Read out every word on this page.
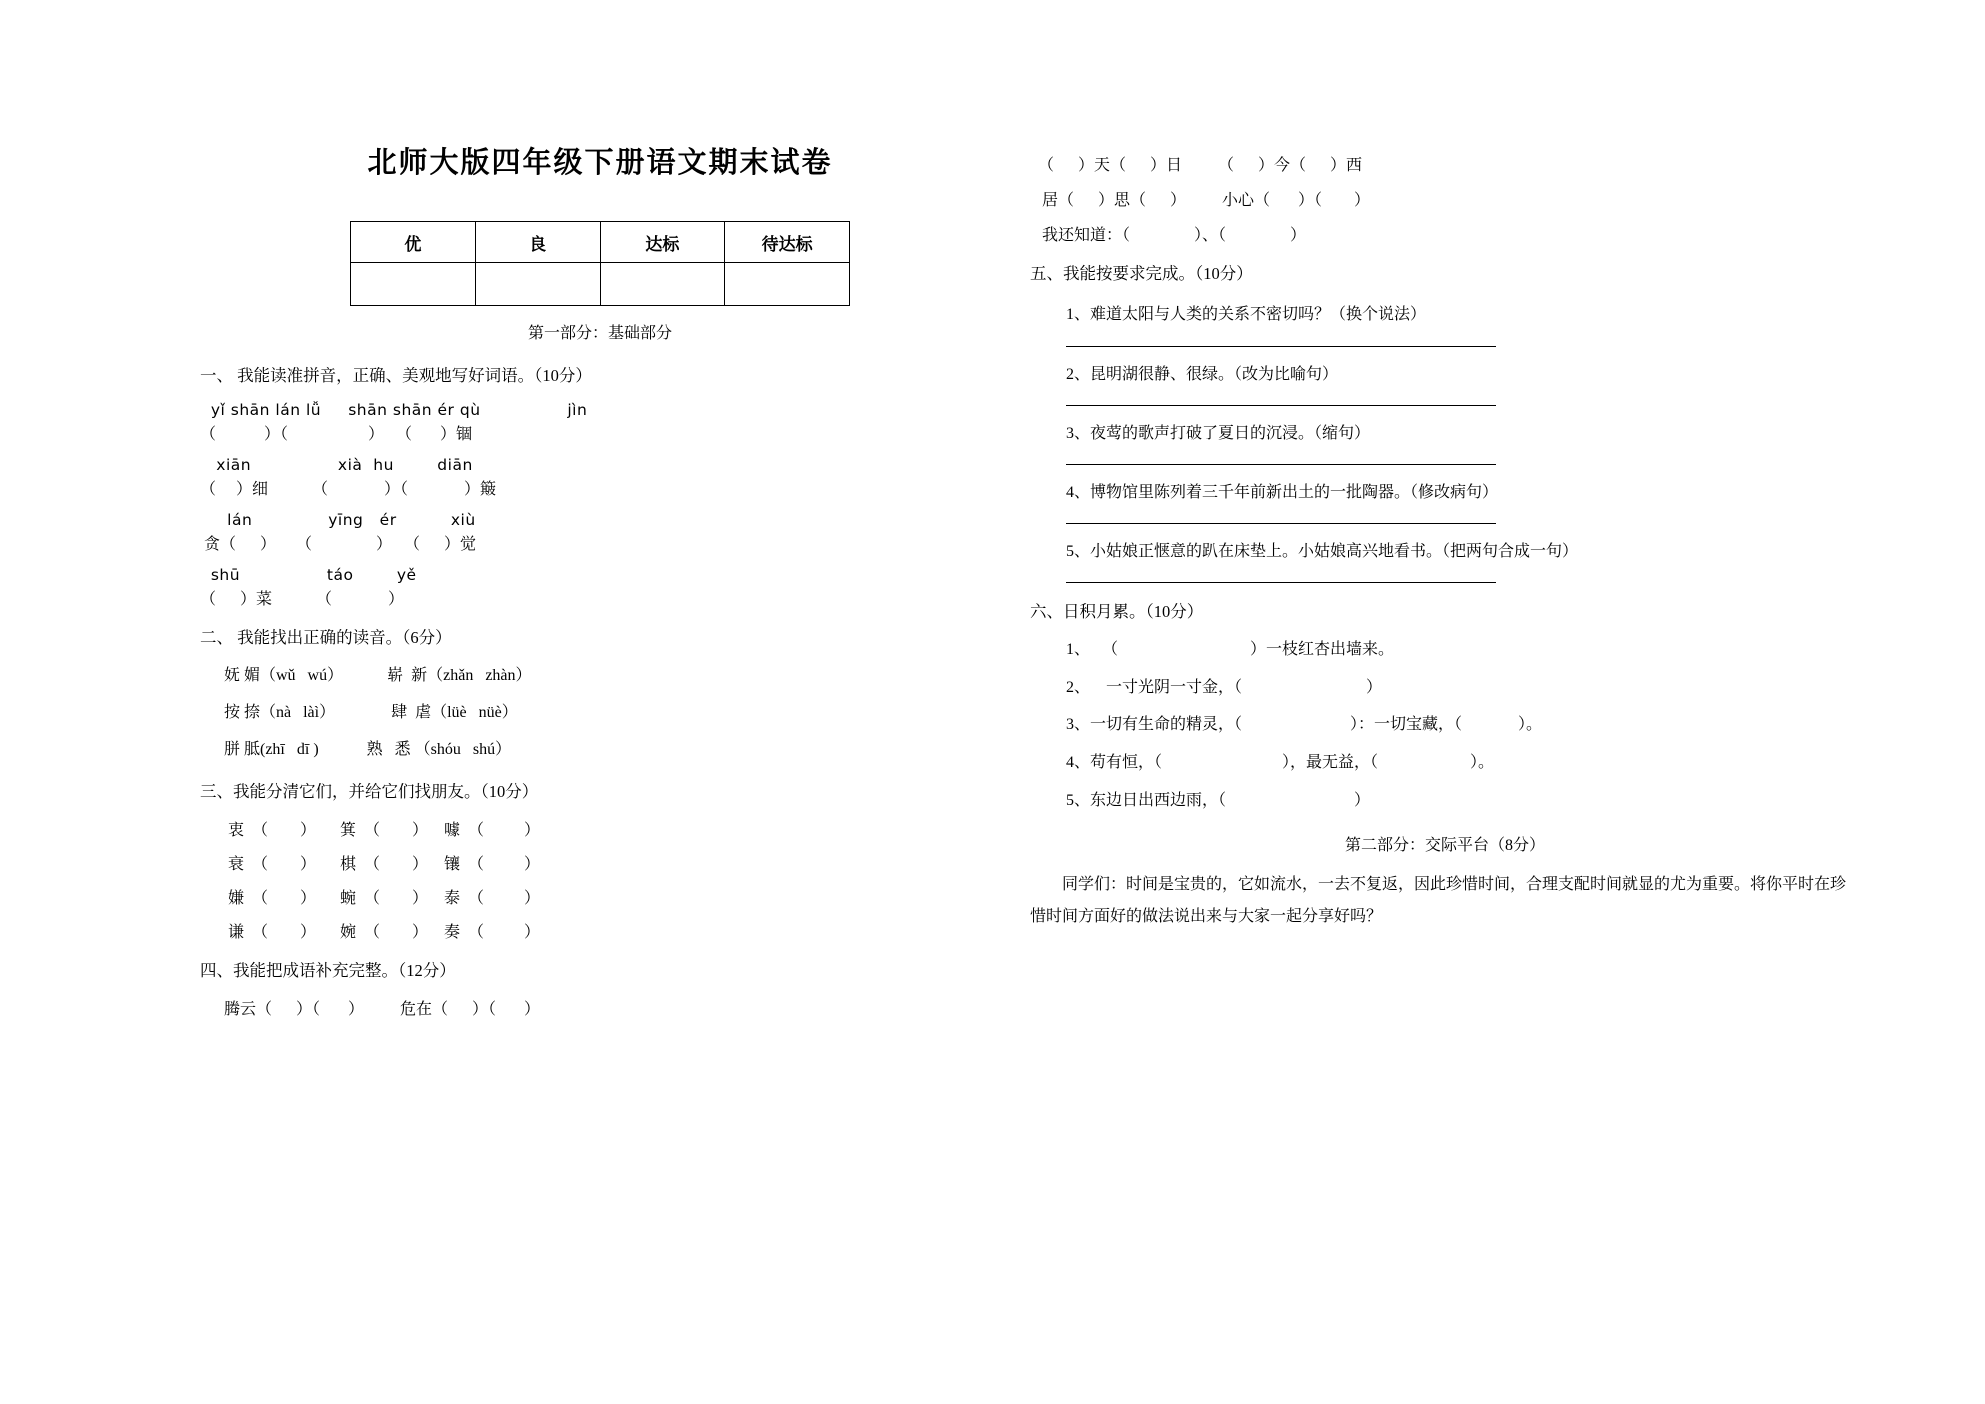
北师大版四年级下册语文期末试卷
优	良	达标	待达标

第一部分：基础部分
一、 我能读准拼音，正确、美观地写好词语。（10分）
yǐ shān lán lǚ     shān shān ér qù                jìn
（            ）（                    ）   （       ）锢
xiān                xià  hu        diān
（     ）细           （              ）（              ）簸
lán              yīng   ér          xiù
贪（      ）     （                ）   （      ）觉
shū                táo        yě
（      ）菜           （              ）
二、 我能找出正确的读音。（6分）
妩 媚（wǔ   wú）           崭  新（zhǎn   zhàn）
按 捺（nà   làì）              肆  虐（lüè   nüè）
胼 胝(zhī   dī )            熟   悉 （shóu   shú）
三、我能分清它们，并给它们找朋友。（10分）
衷  （        ）      箕  （        ）    噱  （          ）
衰  （        ）      棋  （        ）    镶  （          ）
嫌  （        ）      蜿  （        ）    泰  （          ）
谦  （        ）      婉  （        ）    奏  （          ）
四、我能把成语补充完整。（12分）
腾云（      ）（       ）         危在（      ）（       ）
（      ）天（      ）日         （      ）今（      ）西
居（      ）思（      ）         小心（       ）（        ）
我还知道：（                ）、（                ）
五、我能按要求完成。（10分）
1、难道太阳与人类的关系不密切吗？（换个说法）
2、昆明湖很静、很绿。（改为比喻句）
3、夜莺的歌声打破了夏日的沉浸。（缩句）
4、博物馆里陈列着三千年前新出土的一批陶器。（修改病句）
5、小姑娘正惬意的趴在床垫上。小姑娘高兴地看书。（把两句合成一句）
六、日积月累。（10分）
1、   （                                 ）一枝红杏出墙来。
2、    一寸光阴一寸金，（                               ）
3、一切有生命的精灵，（                           ）：一切宝藏，（              ）。
4、苟有恒，（                              ），最无益，（                       ）。
5、东边日出西边雨，（                                ）
第二部分：交际平台（8分）
同学们：时间是宝贵的，它如流水，一去不复返，因此珍惜时间，合理支配时间就显的尤为重要。将你平时在珍惜时间方面好的做法说出来与大家一起分享好吗？
